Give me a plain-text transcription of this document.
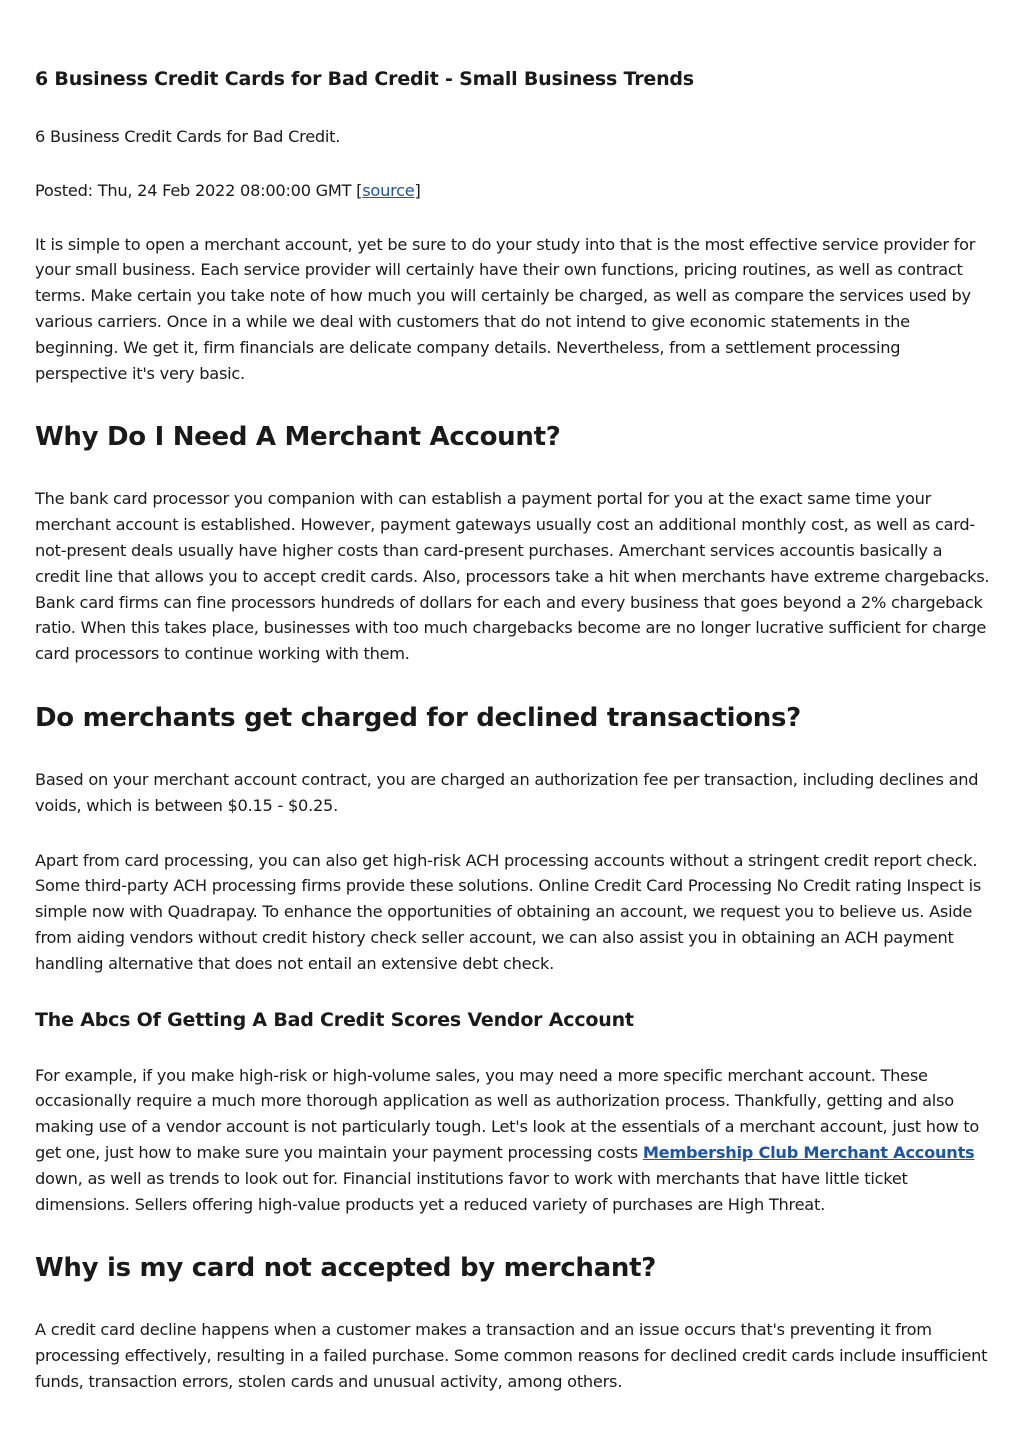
6 Business Credit Cards for Bad Credit - Small Business Trends

6 Business Credit Cards for Bad Credit.

Posted: Thu, 24 Feb 2022 08:00:00 GMT [source]

It is simple to open a merchant account, yet be sure to do your study into that is the most effective service provider for your small business. Each service provider will certainly have their own functions, pricing routines, as well as contract terms. Make certain you take note of how much you will certainly be charged, as well as compare the services used by various carriers. Once in a while we deal with customers that do not intend to give economic statements in the beginning. We get it, firm financials are delicate company details. Nevertheless, from a settlement processing perspective it's very basic.

Why Do I Need A Merchant Account?

The bank card processor you companion with can establish a payment portal for you at the exact same time your merchant account is established. However, payment gateways usually cost an additional monthly cost, as well as card-not-present deals usually have higher costs than card-present purchases. Amerchant services accountis basically a credit line that allows you to accept credit cards. Also, processors take a hit when merchants have extreme chargebacks. Bank card firms can fine processors hundreds of dollars for each and every business that goes beyond a 2% chargeback ratio. When this takes place, businesses with too much chargebacks become are no longer lucrative sufficient for charge card processors to continue working with them.

Do merchants get charged for declined transactions?

Based on your merchant account contract, you are charged an authorization fee per transaction, including declines and voids, which is between $0.15 - $0.25.

Apart from card processing, you can also get high-risk ACH processing accounts without a stringent credit report check. Some third-party ACH processing firms provide these solutions. Online Credit Card Processing No Credit rating Inspect is simple now with Quadrapay. To enhance the opportunities of obtaining an account, we request you to believe us. Aside from aiding vendors without credit history check seller account, we can also assist you in obtaining an ACH payment handling alternative that does not entail an extensive debt check.

The Abcs Of Getting A Bad Credit Scores Vendor Account

For example, if you make high-risk or high-volume sales, you may need a more specific merchant account. These occasionally require a much more thorough application as well as authorization process. Thankfully, getting and also making use of a vendor account is not particularly tough. Let's look at the essentials of a merchant account, just how to get one, just how to make sure you maintain your payment processing costs Membership Club Merchant Accounts down, as well as trends to look out for. Financial institutions favor to work with merchants that have little ticket dimensions. Sellers offering high-value products yet a reduced variety of purchases are High Threat.

Why is my card not accepted by merchant?

A credit card decline happens when a customer makes a transaction and an issue occurs that's preventing it from processing effectively, resulting in a failed purchase. Some common reasons for declined credit cards include insufficient funds, transaction errors, stolen cards and unusual activity, among others.
